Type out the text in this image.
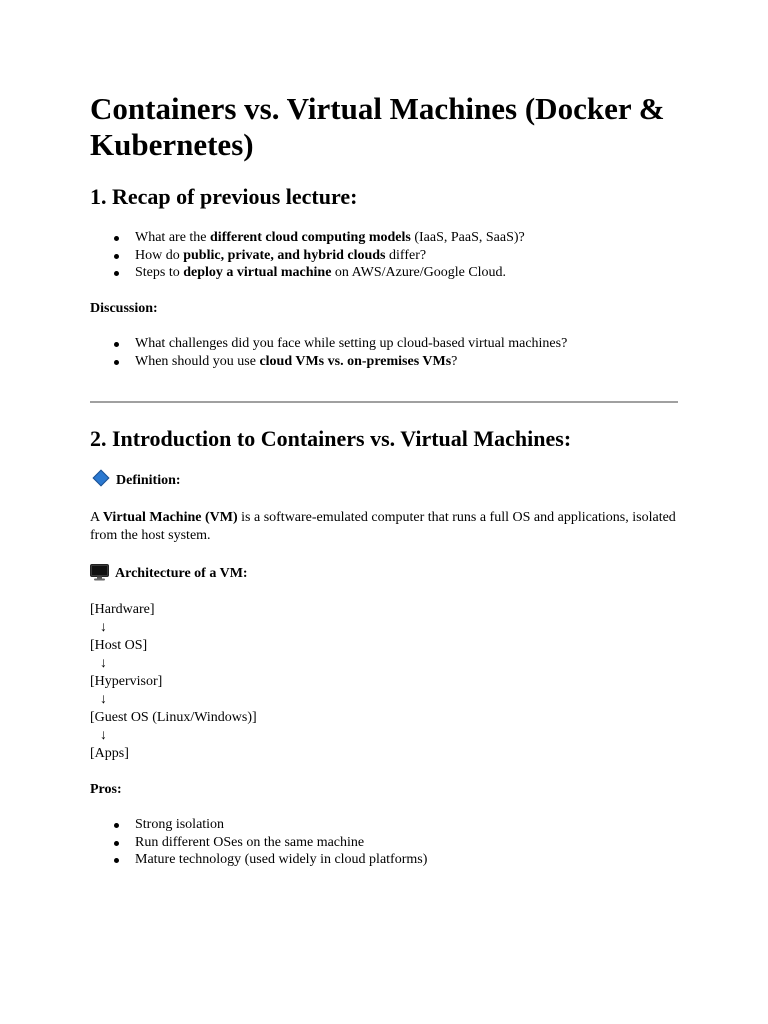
Containers vs. Virtual Machines (Docker & Kubernetes)
1. Recap of previous lecture:
What are the different cloud computing models (IaaS, PaaS, SaaS)?
How do public, private, and hybrid clouds differ?
Steps to deploy a virtual machine on AWS/Azure/Google Cloud.
Discussion:
What challenges did you face while setting up cloud-based virtual machines?
When should you use cloud VMs vs. on-premises VMs?
2. Introduction to Containers vs. Virtual Machines:
Definition:
A Virtual Machine (VM) is a software-emulated computer that runs a full OS and applications, isolated from the host system.
Architecture of a VM:
[Hardware]
↓
[Host OS]
↓
[Hypervisor]
↓
[Guest OS (Linux/Windows)]
↓
[Apps]
Pros:
Strong isolation
Run different OSes on the same machine
Mature technology (used widely in cloud platforms)
